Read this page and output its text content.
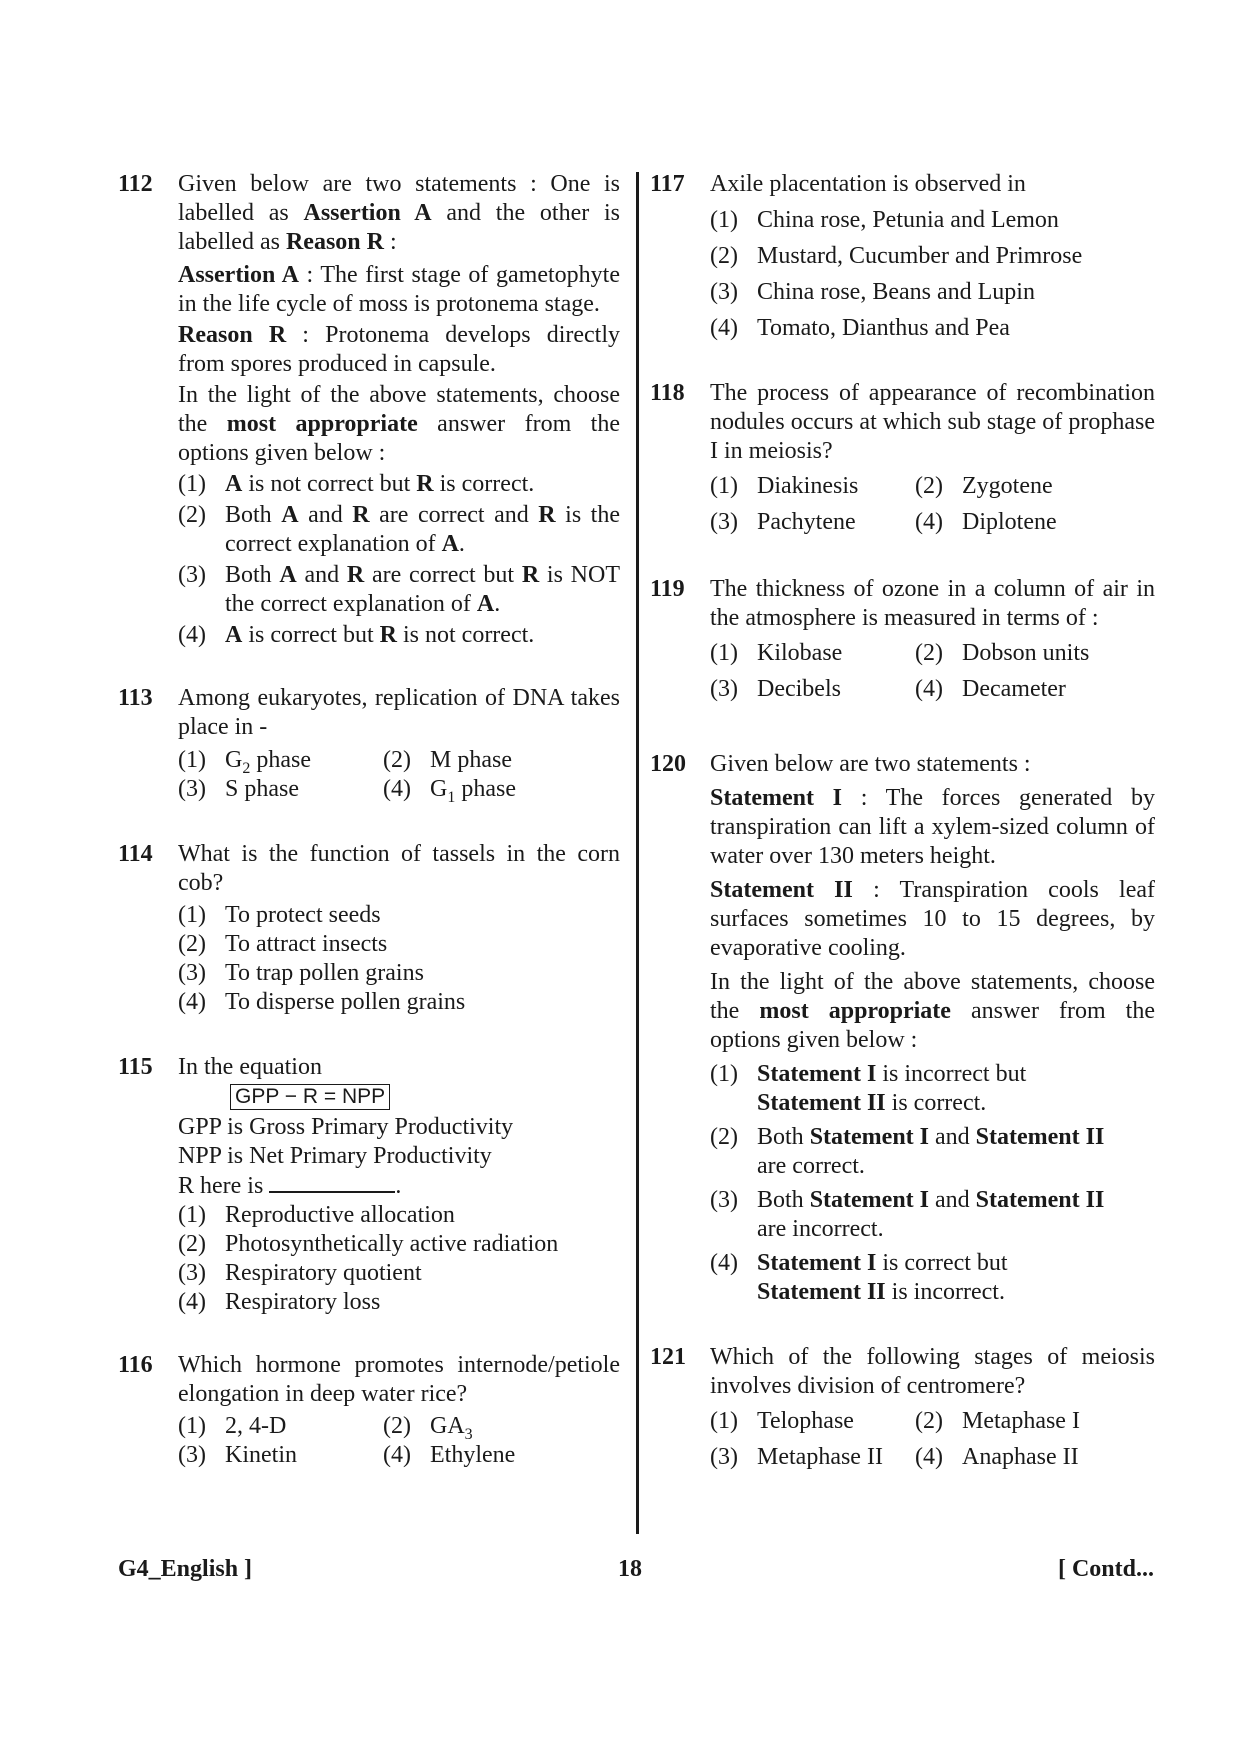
112 Given below are two statements : One is labelled as Assertion A and the other is labelled as Reason R :
Assertion A : The first stage of gametophyte in the life cycle of moss is protonema stage.
Reason R : Protonema develops directly from spores produced in capsule.
In the light of the above statements, choose the most appropriate answer from the options given below :
(1) A is not correct but R is correct.
(2) Both A and R are correct and R is the correct explanation of A.
(3) Both A and R are correct but R is NOT the correct explanation of A.
(4) A is correct but R is not correct.
113 Among eukaryotes, replication of DNA takes place in -
(1) $G_2$ phase	(2) M phase
(3) S phase	(4) $G_1$ phase
114 What is the function of tassels in the corn cob?
(1) To protect seeds
(2) To attract insects
(3) To trap pollen grains
(4) To disperse pollen grains
115 In the equation
GPP − R = NPP
GPP is Gross Primary Productivity
NPP is Net Primary Productivity
R here is	.
(1) Reproductive allocation
(2) Photosynthetically active radiation
(3) Respiratory quotient
(4) Respiratory loss
116 Which hormone promotes internode/petiole elongation in deep water rice?
(1) 2, 4-D	(2) $GA_3$
(3) Kinetin	(4) Ethylene
117 Axile placentation is observed in
(1) China rose, Petunia and Lemon
(2) Mustard, Cucumber and Primrose
(3) China rose, Beans and Lupin
(4) Tomato, Dianthus and Pea
118 The process of appearance of recombination nodules occurs at which sub stage of prophase I in meiosis?
(1) Diakinesis	(2) Zygotene
(3) Pachytene	(4) Diplotene
119 The thickness of ozone in a column of air in the atmosphere is measured in terms of :
(1) Kilobase	(2) Dobson units
(3) Decibels	(4) Decameter
120 Given below are two statements :
Statement I : The forces generated by transpiration can lift a xylem-sized column of water over 130 meters height.
Statement II : Transpiration cools leaf surfaces sometimes 10 to 15 degrees, by evaporative cooling.
In the light of the above statements, choose the most appropriate answer from the options given below :
(1) Statement I is incorrect but
Statement II is correct.
(2) Both Statement I and Statement II
are correct.
(3) Both Statement I and Statement II
are incorrect.
(4) Statement I is correct but
Statement II is incorrect.
121 Which of the following stages of meiosis involves division of centromere?
(1) Telophase	(2) Metaphase I
(3) Metaphase II	(4) Anaphase II
G4_English ]	18	[ Contd...
